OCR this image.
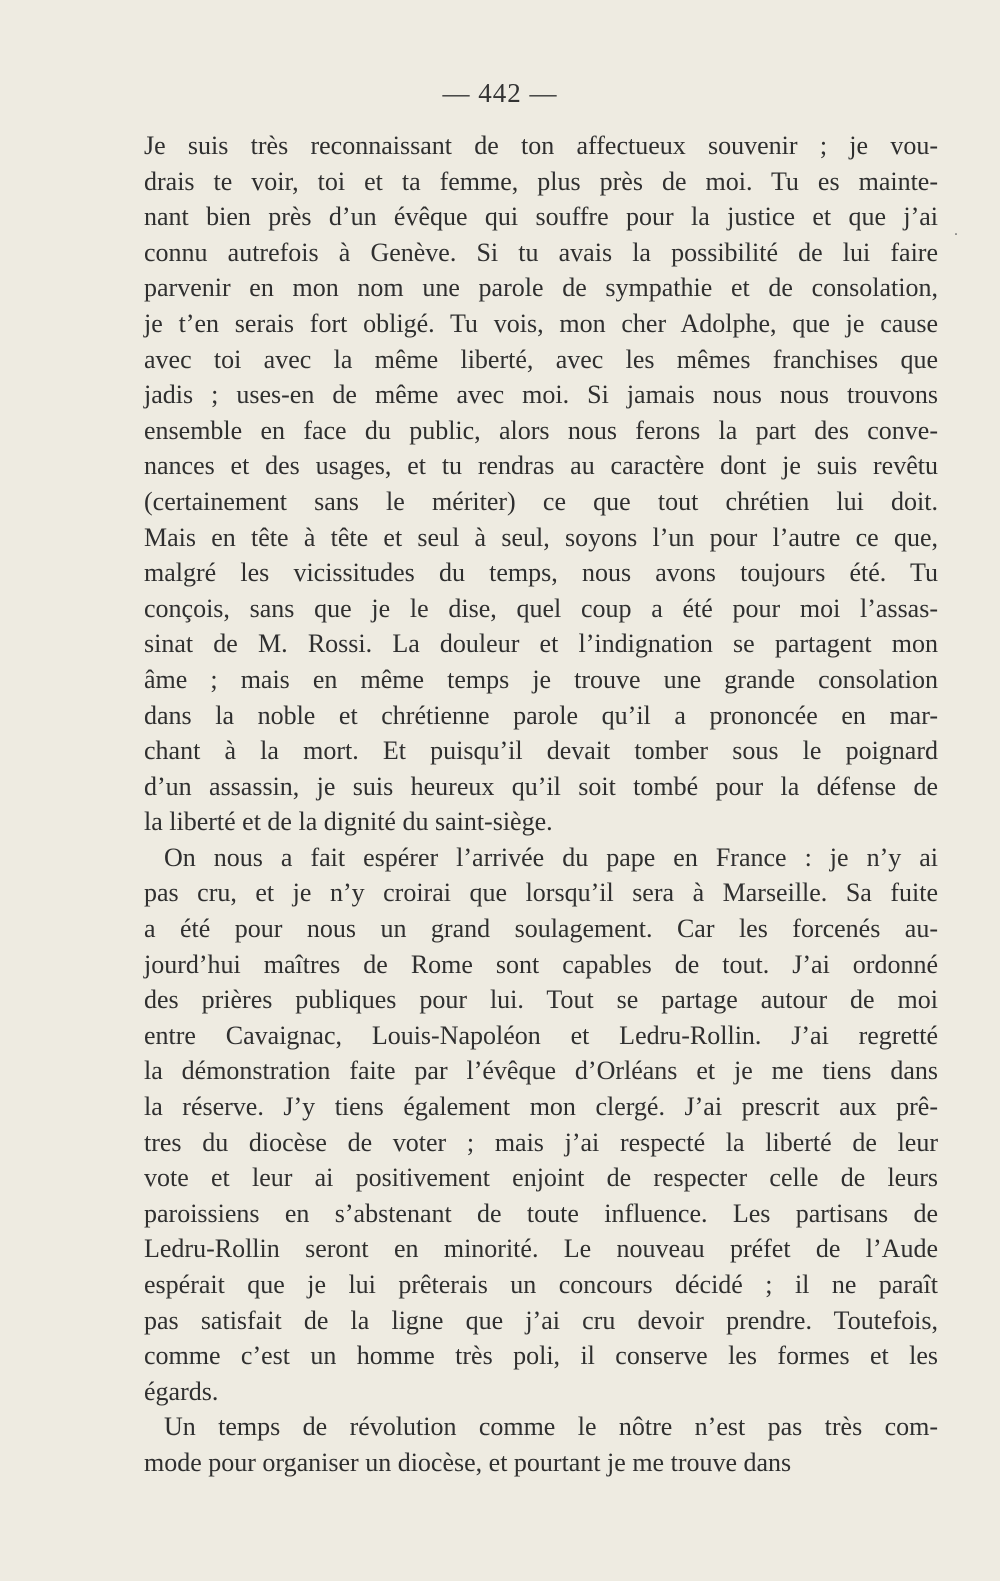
— 442 —
Je suis très reconnaissant de ton affectueux souvenir ; je vou-
drais te voir, toi et ta femme, plus près de moi. Tu es mainte-
nant bien près d’un évêque qui souffre pour la justice et que j’ai
connu autrefois à Genève. Si tu avais la possibilité de lui faire
parvenir en mon nom une parole de sympathie et de consolation,
je t’en serais fort obligé. Tu vois, mon cher Adolphe, que je cause
avec toi avec la même liberté, avec les mêmes franchises que
jadis ; uses-en de même avec moi. Si jamais nous nous trouvons
ensemble en face du public, alors nous ferons la part des conve-
nances et des usages, et tu rendras au caractère dont je suis revêtu
(certainement sans le mériter) ce que tout chrétien lui doit.
Mais en tête à tête et seul à seul, soyons l’un pour l’autre ce que,
malgré les vicissitudes du temps, nous avons toujours été. Tu
conçois, sans que je le dise, quel coup a été pour moi l’assas-
sinat de M. Rossi. La douleur et l’indignation se partagent mon
âme ; mais en même temps je trouve une grande consolation
dans la noble et chrétienne parole qu’il a prononcée en mar-
chant à la mort. Et puisqu’il devait tomber sous le poignard
d’un assassin, je suis heureux qu’il soit tombé pour la défense de
la liberté et de la dignité du saint-siège.
On nous a fait espérer l’arrivée du pape en France : je n’y ai
pas cru, et je n’y croirai que lorsqu’il sera à Marseille. Sa fuite
a été pour nous un grand soulagement. Car les forcenés au-
jourd’hui maîtres de Rome sont capables de tout. J’ai ordonné
des prières publiques pour lui. Tout se partage autour de moi
entre Cavaignac, Louis-Napoléon et Ledru-Rollin. J’ai regretté
la démonstration faite par l’évêque d’Orléans et je me tiens dans
la réserve. J’y tiens également mon clergé. J’ai prescrit aux prê-
tres du diocèse de voter ; mais j’ai respecté la liberté de leur
vote et leur ai positivement enjoint de respecter celle de leurs
paroissiens en s’abstenant de toute influence. Les partisans de
Ledru-Rollin seront en minorité. Le nouveau préfet de l’Aude
espérait que je lui prêterais un concours décidé ; il ne paraît
pas satisfait de la ligne que j’ai cru devoir prendre. Toutefois,
comme c’est un homme très poli, il conserve les formes et les
égards.
Un temps de révolution comme le nôtre n’est pas très com-
mode pour organiser un diocèse, et pourtant je me trouve dans
.
